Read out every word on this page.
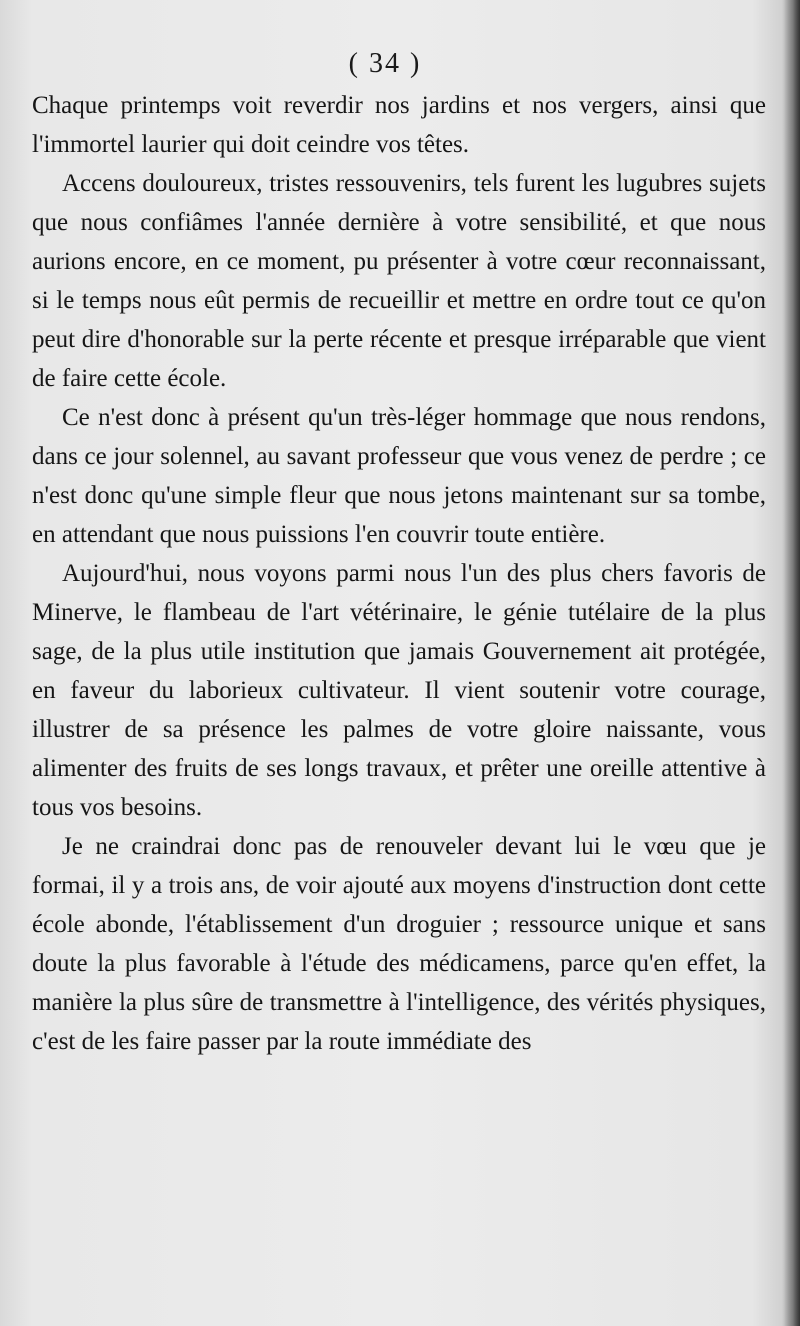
( 34 )

Chaque printemps voit reverdir nos jardins et nos vergers, ainsi que l'immortel laurier qui doit ceindre vos têtes.

Accens douloureux, tristes ressouvenirs, tels furent les lugubres sujets que nous confiâmes l'année dernière à votre sensibilité, et que nous aurions encore, en ce moment, pu présenter à votre cœur reconnaissant, si le temps nous eût permis de recueillir et mettre en ordre tout ce qu'on peut dire d'honorable sur la perte récente et presque irréparable que vient de faire cette école.

Ce n'est donc à présent qu'un très-léger hommage que nous rendons, dans ce jour solennel, au savant professeur que vous venez de perdre ; ce n'est donc qu'une simple fleur que nous jetons maintenant sur sa tombe, en attendant que nous puissions l'en couvrir toute entière.

Aujourd'hui, nous voyons parmi nous l'un des plus chers favoris de Minerve, le flambeau de l'art vétérinaire, le génie tutélaire de la plus sage, de la plus utile institution que jamais Gouvernement ait protégée, en faveur du laborieux cultivateur. Il vient soutenir votre courage, illustrer de sa présence les palmes de votre gloire naissante, vous alimenter des fruits de ses longs travaux, et prêter une oreille attentive à tous vos besoins.

Je ne craindrai donc pas de renouveler devant lui le vœu que je formai, il y a trois ans, de voir ajouté aux moyens d'instruction dont cette école abonde, l'établissement d'un droguier ; ressource unique et sans doute la plus favorable à l'étude des médicamens, parce qu'en effet, la manière la plus sûre de transmettre à l'intelligence, des vérités physiques, c'est de les faire passer par la route immédiate des
